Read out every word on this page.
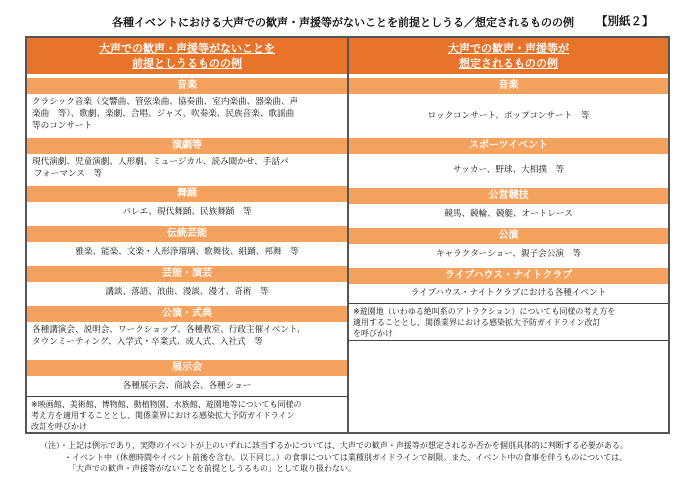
各種イベントにおける大声での歓声・声援等がないことを前提としうる／想定されるものの例 【別紙２】
大声での歓声・声援等がないことを
前提としうるものの例
音楽
クラシック音楽（交響曲、管弦楽曲、協奏曲、室内楽曲、器楽曲、声
楽曲　等）、歌劇、楽劇、合唱、ジャズ、吹奏楽、民族音楽、歌謡曲
等のコンサート
演劇等
現代演劇、児童演劇、人形劇、ミュージカル、読み聞かせ、手話パ
フォーマンス　等
舞踊
バレエ、現代舞踊、民族舞踊　等
伝統芸能
雅楽、能楽、文楽・人形浄瑠璃、歌舞伎、組踊、邦舞　等
芸能・演芸
講談、落語、浪曲、漫談、漫才、奇術　等
公演・式典
各種講演会、説明会、ワークショップ、各種教室、行政主催イベント、
タウンミーティング、入学式・卒業式、成人式、入社式　等
展示会
各種展示会、商談会、各種ショー
※映画館、美術館、博物館、動植物園、水族館、遊園地等についても同様の
考え方を適用することとし、関係業界における感染拡大予防ガイドライン
改訂を呼びかけ
大声での歓声・声援等が
想定されるものの例
音楽
ロックコンサート、ポップコンサート　等
スポーツイベント
サッカー、野球、大相撲　等
公営競技
競馬、競輪、競艇、オートレース
公演
キャラクターショー、親子会公演　等
ライブハウス・ナイトクラブ
ライブハウス・ナイトクラブにおける各種イベント
※遊園地（いわゆる絶叫系のアトラクション）についても同様の考え方を
適用することとし、関係業界における感染拡大予防ガイドライン改訂
を呼びかけ
（注）・上記は例示であり、実際のイベントが上のいずれに該当するかについては、大声での歓声・声援等が想定されるか否かを個別具体的に判断する必要がある。
　　　・イベント中（休憩時間やイベント前後を含む。以下同じ。）の食事については業種別ガイドラインで制限。また、イベント中の食事を伴うものについては、
　　　　「大声での歓声・声援等がないことを前提としうるもの」として取り扱わない。
